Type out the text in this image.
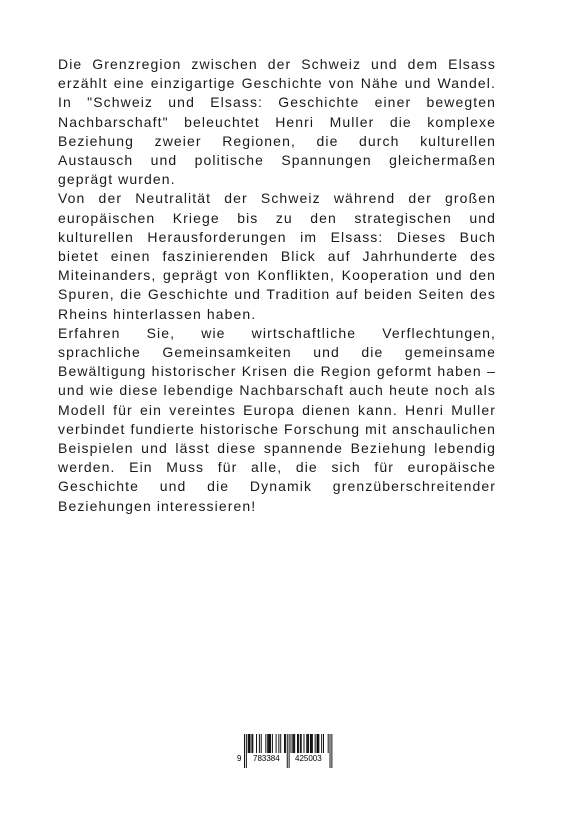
Die Grenzregion zwischen der Schweiz und dem Elsass erzählt eine einzigartige Geschichte von Nähe und Wandel. In "Schweiz und Elsass: Geschichte einer bewegten Nachbarschaft" beleuchtet Henri Muller die komplexe Beziehung zweier Regionen, die durch kulturellen Austausch und politische Spannungen gleichermaßen geprägt wurden.

Von der Neutralität der Schweiz während der großen europäischen Kriege bis zu den strategischen und kulturellen Herausforderungen im Elsass: Dieses Buch bietet einen faszinierenden Blick auf Jahrhunderte des Miteinanders, geprägt von Konflikten, Kooperation und den Spuren, die Geschichte und Tradition auf beiden Seiten des Rheins hinterlassen haben.

Erfahren Sie, wie wirtschaftliche Verflechtungen, sprachliche Gemeinsamkeiten und die gemeinsame Bewältigung historischer Krisen die Region geformt haben – und wie diese lebendige Nachbarschaft auch heute noch als Modell für ein vereintes Europa dienen kann. Henri Muller verbindet fundierte historische Forschung mit anschaulichen Beispielen und lässt diese spannende Beziehung lebendig werden. Ein Muss für alle, die sich für europäische Geschichte und die Dynamik grenzüberschreitender Beziehungen interessieren!

9 783384 425003
